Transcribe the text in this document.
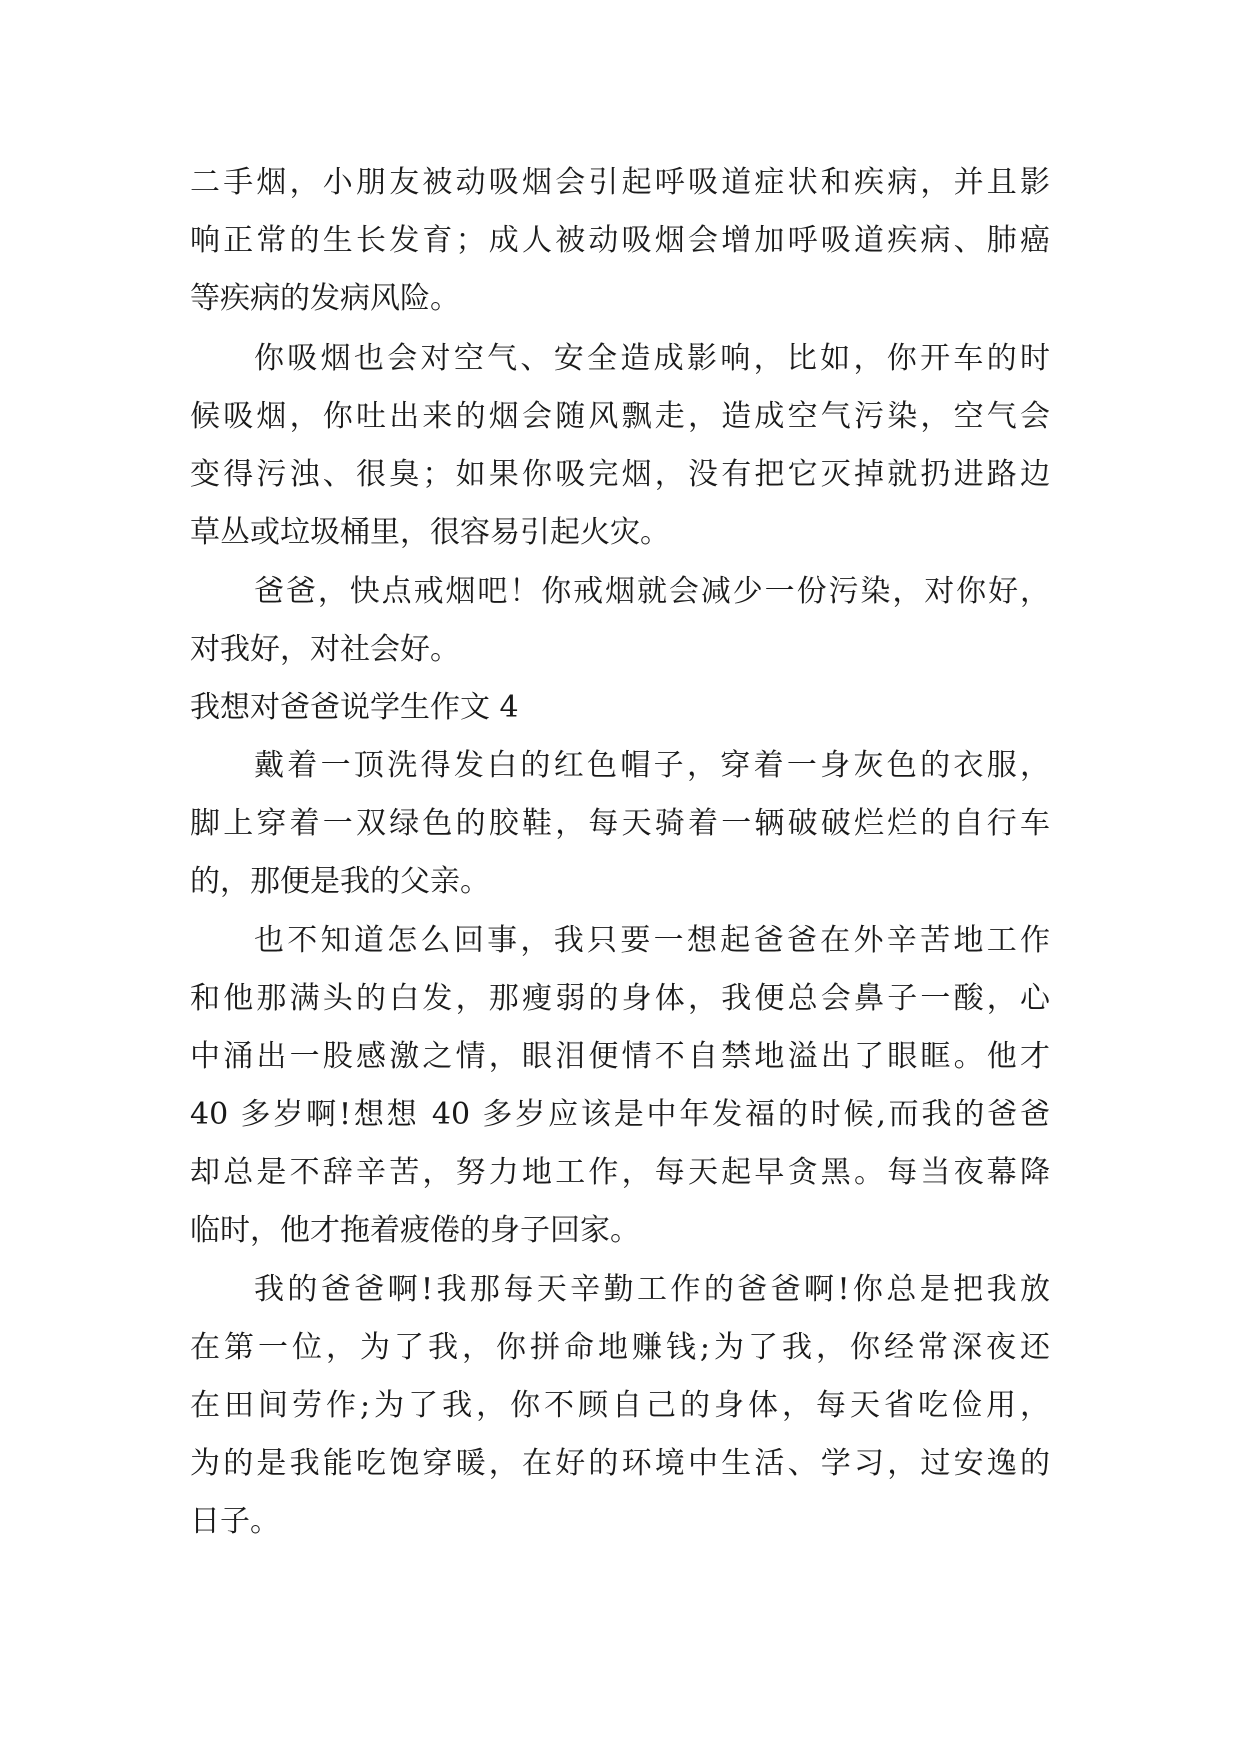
二手烟，小朋友被动吸烟会引起呼吸道症状和疾病，并且影
响正常的生长发育；成人被动吸烟会增加呼吸道疾病、肺癌
等疾病的发病风险。
你吸烟也会对空气、安全造成影响，比如，你开车的时
候吸烟，你吐出来的烟会随风飘走，造成空气污染，空气会
变得污浊、很臭；如果你吸完烟，没有把它灭掉就扔进路边
草丛或垃圾桶里，很容易引起火灾。
爸爸，快点戒烟吧！你戒烟就会减少一份污染，对你好，
对我好，对社会好。
我想对爸爸说学生作文 4
戴着一顶洗得发白的红色帽子，穿着一身灰色的衣服，
脚上穿着一双绿色的胶鞋，每天骑着一辆破破烂烂的自行车
的，那便是我的父亲。
也不知道怎么回事，我只要一想起爸爸在外辛苦地工作
和他那满头的白发，那瘦弱的身体，我便总会鼻子一酸，心
中涌出一股感激之情，眼泪便情不自禁地溢出了眼眶。他才
40 多岁啊!想想 40 多岁应该是中年发福的时候,而我的爸爸
却总是不辞辛苦，努力地工作，每天起早贪黑。每当夜幕降
临时，他才拖着疲倦的身子回家。
我的爸爸啊!我那每天辛勤工作的爸爸啊!你总是把我放
在第一位，为了我，你拼命地赚钱;为了我，你经常深夜还
在田间劳作;为了我，你不顾自己的身体，每天省吃俭用，
为的是我能吃饱穿暖，在好的环境中生活、学习，过安逸的
日子。
